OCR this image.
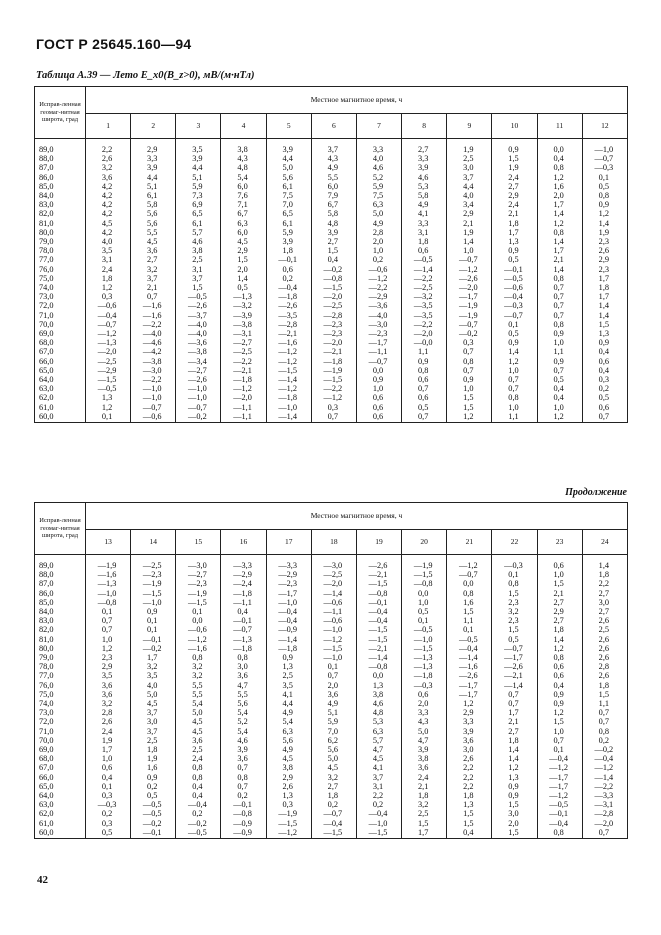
ГОСТ Р 25645.160—94
Таблица А.39 — Лето E_x0(B_z>0), мВ/(м·нТл)
Исправ-ленная геомаг-нитная широта, град	Местное магнитное время, ч											
	1	2	3	4	5	6	7	8	9	10	11	12
89,0	2,2	2,9	3,5	3,8	3,9	3,7	3,3	2,7	1,9	0,9	0,0	—1,0
88,0	2,6	3,3	3,9	4,3	4,4	4,3	4,0	3,3	2,5	1,5	0,4	—0,7
87,0	3,2	3,9	4,4	4,8	5,0	4,9	4,6	3,9	3,0	1,9	0,8	—0,3
86,0	3,6	4,4	5,1	5,4	5,6	5,5	5,2	4,6	3,7	2,4	1,2	0,1
85,0	4,2	5,1	5,9	6,0	6,1	6,0	5,9	5,3	4,4	2,7	1,6	0,5
84,0	4,2	6,1	7,3	7,6	7,5	7,9	7,5	5,8	4,0	2,9	2,0	0,8
83,0	4,2	5,8	6,9	7,1	7,0	6,7	6,3	4,9	3,4	2,4	1,7	0,9
82,0	4,2	5,6	6,5	6,7	6,5	5,8	5,0	4,1	2,9	2,1	1,4	1,2
81,0	4,5	5,6	6,1	6,3	6,1	4,8	4,9	3,3	2,1	1,8	1,2	1,4
80,0	4,2	5,5	5,7	6,0	5,9	3,9	2,8	3,1	1,9	1,7	0,8	1,9
79,0	4,0	4,5	4,6	4,5	3,9	2,7	2,0	1,8	1,4	1,3	1,4	2,3
78,0	3,5	3,6	3,8	2,9	1,8	1,5	1,0	0,6	1,0	0,9	1,7	2,6
77,0	3,1	2,7	2,5	1,5	—0,1	0,4	0,2	—0,5	—0,7	0,5	2,1	2,9
76,0	2,4	3,2	3,1	2,0	0,6	—0,2	—0,6	—1,4	—1,2	—0,1	1,4	2,3
75,0	1,8	3,7	3,7	1,4	0,2	—0,8	—1,2	—2,2	—2,6	—0,5	0,8	1,7
74,0	1,2	2,1	1,5	0,5	—0,4	—1,5	—2,2	—2,5	—2,0	—0,6	0,7	1,8
73,0	0,3	0,7	—0,5	—1,3	—1,8	—2,0	—2,9	—3,2	—1,7	—0,4	0,7	1,7
72,0	—0,6	—1,6	—2,6	—3,2	—2,6	—2,5	—3,6	—3,5	—1,9	—0,3	0,7	1,4
71,0	—0,4	—1,6	—3,7	—3,9	—3,5	—2,8	—4,0	—3,5	—1,9	—0,7	0,7	1,4
70,0	—0,7	—2,2	—4,0	—3,8	—2,8	—2,3	—3,0	—2,2	—0,7	0,1	0,8	1,5
69,0	—1,2	—4,0	—4,0	—3,1	—2,1	—2,3	—2,3	—2,0	—0,2	0,5	0,9	1,3
68,0	—1,3	—4,6	—3,6	—2,7	—1,6	—2,0	—1,7	—0,0	0,3	0,9	1,0	0,9
67,0	—2,0	—4,2	—3,8	—2,5	—1,2	—2,1	—1,1	1,1	0,7	1,4	1,1	0,4
66,0	—2,5	—3,8	—3,4	—2,2	—1,2	—1,8	—0,7	0,9	0,8	1,2	0,9	0,6
65,0	—2,9	—3,0	—2,7	—2,1	—1,5	—1,9	0,0	0,8	0,7	1,0	0,7	0,4
64,0	—1,5	—2,2	—2,6	—1,8	—1,4	—1,5	0,9	0,6	0,9	0,7	0,5	0,3
63,0	—0,5	—1,0	—1,0	—1,2	—1,2	—2,2	1,0	0,7	1,0	0,7	0,4	0,2
62,0	1,3	—1,0	—1,0	—2,0	—1,8	—1,2	0,6	0,6	1,5	0,8	0,4	0,5
61,0	1,2	—0,7	—0,7	—1,1	—1,0	0,3	0,6	0,5	1,5	1,0	1,0	0,6
60,0	0,1	—0,6	—0,2	—1,1	—1,4	0,7	0,6	0,7	1,2	1,1	1,2	0,7
Продолжение
Исправ-ленная геомаг-нитная широта, град	Местное магнитное время, ч											
	13	14	15	16	17	18	19	20	21	22	23	24
89,0	—1,9	—2,5	—3,0	—3,3	—3,3	—3,0	—2,6	—1,9	—1,2	—0,3	0,6	1,4
88,0	—1,6	—2,3	—2,7	—2,9	—2,9	—2,5	—2,1	—1,5	—0,7	0,1	1,0	1,8
87,0	—1,3	—1,9	—2,3	—2,4	—2,3	—2,0	—1,5	—0,8	0,0	0,8	1,5	2,2
86,0	—1,0	—1,5	—1,9	—1,8	—1,7	—1,4	—0,8	0,0	0,8	1,5	2,1	2,7
85,0	—0,8	—1,0	—1,5	—1,1	—1,0	—0,6	—0,1	1,0	1,6	2,3	2,7	3,0
84,0	0,1	0,9	0,1	0,4	—0,4	—1,1	—0,4	0,5	1,5	3,2	2,9	2,7
83,0	0,7	0,1	0,0	—0,1	—0,4	—0,6	—0,4	0,1	1,1	2,3	2,7	2,6
82,0	0,7	0,1	—0,6	—0,7	—0,9	—1,0	—1,5	—0,5	0,1	1,5	1,8	2,5
81,0	1,0	—0,1	—1,2	—1,3	—1,4	—1,2	—1,5	—1,0	—0,5	0,5	1,4	2,6
80,0	1,2	—0,2	—1,6	—1,8	—1,8	—1,5	—2,1	—1,5	—0,4	—0,7	1,2	2,6
79,0	2,3	1,7	0,8	0,8	0,9	—1,0	—1,4	—1,3	—1,4	—1,7	0,8	2,6
78,0	2,9	3,2	3,2	3,0	1,3	0,1	—0,8	—1,3	—1,6	—2,6	0,6	2,8
77,0	3,5	3,5	3,2	3,6	2,5	0,7	0,0	—1,8	—2,6	—2,1	0,6	2,6
76,0	3,6	4,0	5,5	4,7	3,5	2,0	1,3	—0,3	—1,7	—1,4	0,4	1,8
75,0	3,6	5,0	5,5	5,5	4,1	3,6	3,8	0,6	—1,7	0,7	0,9	1,5
74,0	3,2	4,5	5,4	5,6	4,4	4,9	4,6	2,0	1,2	0,7	0,9	1,1
73,0	2,8	3,7	5,0	5,4	4,9	5,1	4,8	3,3	2,9	1,7	1,2	0,7
72,0	2,6	3,0	4,5	5,2	5,4	5,9	5,3	4,3	3,3	2,1	1,5	0,7
71,0	2,4	3,7	4,5	5,4	6,3	7,0	6,3	5,0	3,9	2,7	1,0	0,8
70,0	1,9	2,5	3,6	4,6	5,6	6,2	5,7	4,7	3,6	1,8	0,7	0,2
69,0	1,7	1,8	2,5	3,9	4,9	5,6	4,7	3,9	3,0	1,4	0,1	—0,2
68,0	1,0	1,9	2,4	3,6	4,5	5,0	4,5	3,8	2,6	1,4	—0,4	—0,4
67,0	0,6	1,6	0,8	0,7	3,8	4,5	4,1	3,6	2,2	1,2	—1,2	—1,2
66,0	0,4	0,9	0,8	0,8	2,9	3,2	3,7	2,4	2,2	1,3	—1,7	—1,4
65,0	0,1	0,2	0,4	0,7	2,6	2,7	3,1	2,1	2,2	0,9	—1,7	—2,2
64,0	0,3	0,5	0,4	0,2	1,3	1,8	2,2	1,8	1,8	0,9	—1,2	—3,3
63,0	—0,3	—0,5	—0,4	—0,1	0,3	0,2	0,2	3,2	1,3	1,5	—0,5	—3,1
62,0	0,2	—0,5	0,2	—0,8	—1,9	—0,7	—0,4	2,5	1,5	3,0	—0,1	—2,8
61,0	0,3	—0,2	—0,2	—0,9	—1,5	—0,4	—1,0	1,5	1,5	2,0	—0,4	—2,0
60,0	0,5	—0,1	—0,5	—0,9	—1,2	—1,5	—1,5	1,7	0,4	1,5	0,8	0,7
42
